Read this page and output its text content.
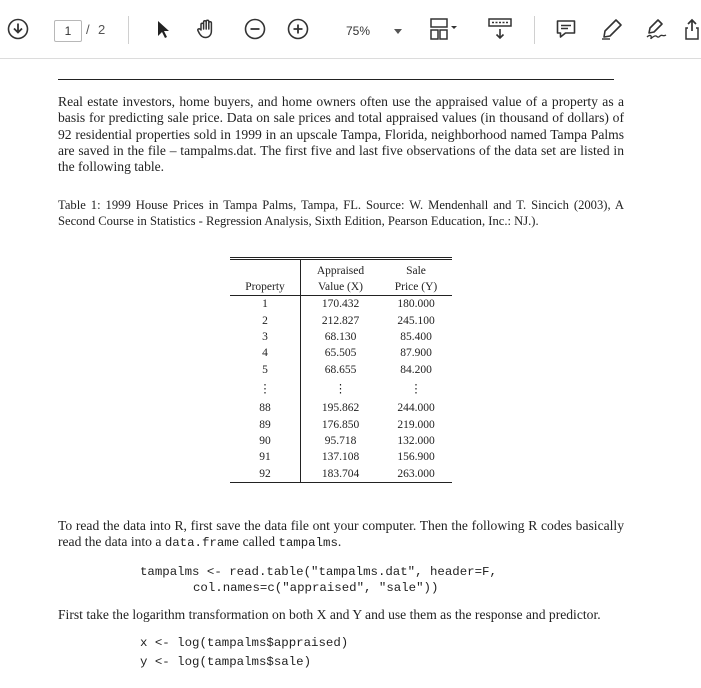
1	/ 2	75%

Real estate investors, home buyers, and home owners often use the appraised value of a property as a basis for predicting sale price. Data on sale prices and total appraised values (in thousand of dollars) of 92 residential properties sold in 1999 in an upscale Tampa, Florida, neighborhood named Tampa Palms are saved in the file – tampalms.dat. The first five and last five observations of the data set are listed in the following table.

Table 1: 1999 House Prices in Tampa Palms, Tampa, FL. Source: W. Mendenhall and T. Sincich (2003), A Second Course in Statistics - Regression Analysis, Sixth Edition, Pearson Education, Inc.: NJ.).

	Appraised	Sale
Property	Value (X)	Price (Y)
1	170.432	180.000
2	212.827	245.100
3	68.130	85.400
4	65.505	87.900
5	68.655	84.200
⋮	⋮	⋮
88	195.862	244.000
89	176.850	219.000
90	95.718	132.000
91	137.108	156.900
92	183.704	263.000

To read the data into R, first save the data file ont your computer. Then the following R codes basically read the data into a data.frame called tampalms.

tampalms <- read.table("tampalms.dat", header=F,
col.names=c("appraised", "sale"))

First take the logarithm transformation on both X and Y and use them as the response and predictor.

x <- log(tampalms$appraised)
y <- log(tampalms$sale)
